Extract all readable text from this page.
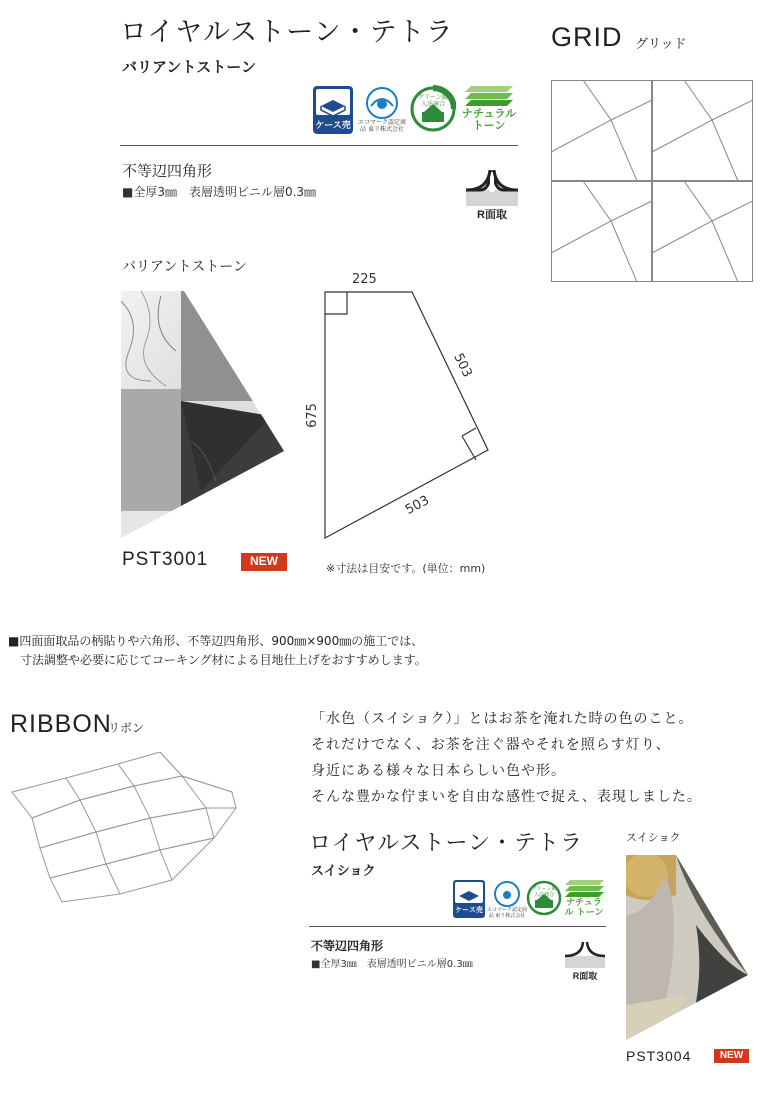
ロイヤルストーン・テトラ
バリアントストーン
ケース売	エコマーク認定商品 東リ株式会社
グリーン購入法適合
ナチュラル トーン
不等辺四角形
■全厚3㎜　表層透明ビニル層0.3㎜
R面取
バリアントストーン
225
503
503
675
PST3001	NEW
※寸法は目安です。(単位：mm)
GRID グリッド
■四面面取品の柄貼りや六角形、不等辺四角形、900㎜×900㎜の施工では、
寸法調整や必要に応じてコーキング材による目地仕上げをおすすめします。
RIBBON
リボン
「水色（スイショク）」とはお茶を淹れた時の色のこと。
それだけでなく、お茶を注ぐ器やそれを照らす灯り、
身近にある様々な日本らしい色や形。
そんな豊かな佇まいを自由な感性で捉え、表現しました。
ロイヤルストーン・テトラ
スイショク
スイショク
ケース売 エコマーク認定商品 東リ株式会社
グリーン購入法適合
ナチュラル トーン
不等辺四角形
■全厚3㎜　表層透明ビニル層0.3㎜
R面取
PST3004	NEW
